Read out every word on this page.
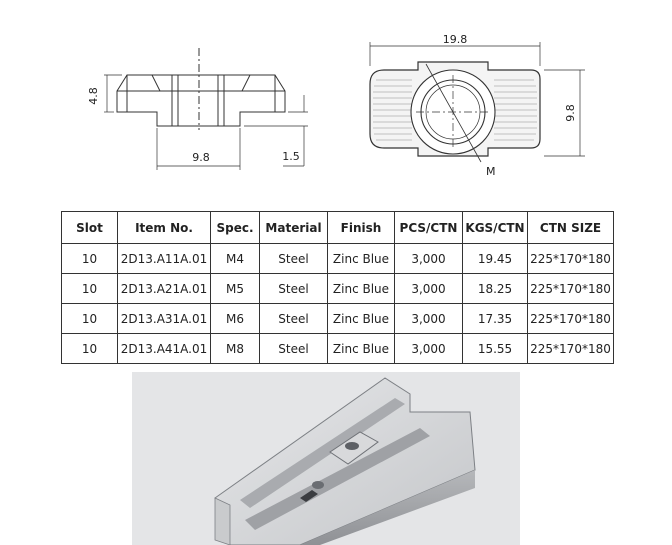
4.8
9.8	1.5
19.8
9.8
M
Slot	Item No.	Spec.	Material	Finish	PCS/CTN	KGS/CTN	CTN SIZE
10	2D13.A11A.01	M4	Steel	Zinc Blue	3,000	19.45	225*170*180
10	2D13.A21A.01	M5	Steel	Zinc Blue	3,000	18.25	225*170*180
10	2D13.A31A.01	M6	Steel	Zinc Blue	3,000	17.35	225*170*180
10	2D13.A41A.01	M8	Steel	Zinc Blue	3,000	15.55	225*170*180
